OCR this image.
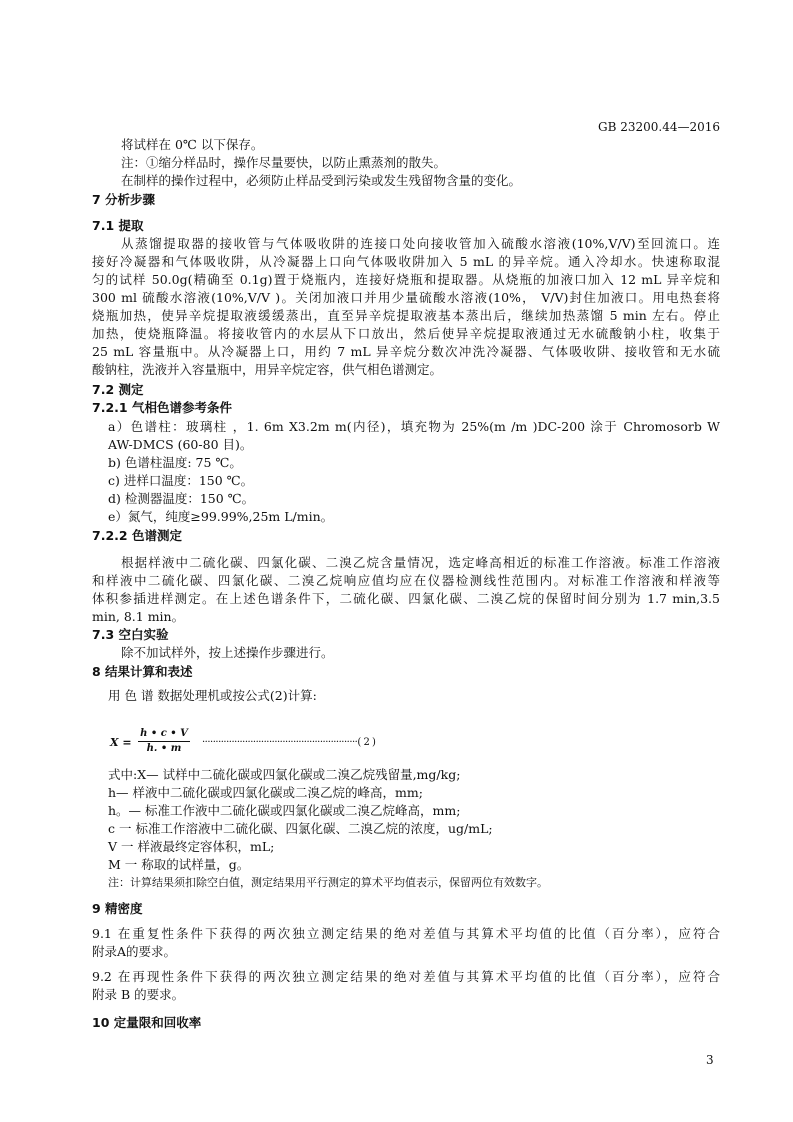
GB 23200.44—2016
将试样在 0℃ 以下保存。
注：①缩分样品时，操作尽量要快，以防止熏蒸剂的散失。
在制样的操作过程中，必须防止样品受到污染或发生残留物含量的变化。
7 分析步骤
7.1 提取
从蒸馏提取器的接收管与气体吸收阱的连接口处向接收管加入硫酸水溶液(10%,V/V)至回流口。连
接好冷凝器和气体吸收阱，从冷凝器上口向气体吸收阱加入 5 mL 的异辛烷。通入冷却水。快速称取混
匀的试样 50.0g(精确至 0.1g)置于烧瓶内，连接好烧瓶和提取器。从烧瓶的加液口加入 12 mL 异辛烷和
300 ml 硫酸水溶液(10%,V/V )。关闭加液口并用少量硫酸水溶液(10%， V/V)封住加液口。用电热套将
烧瓶加热，使异辛烷提取液缓缓蒸出，直至异辛烷提取液基本蒸出后，继续加热蒸馏 5 min 左右。停止
加热，使烧瓶降温。将接收管内的水层从下口放出，然后使异辛烷提取液通过无水硫酸钠小柱，收集于
25 mL 容量瓶中。从冷凝器上口，用约 7 mL 异辛烷分数次冲洗冷凝器、气体吸收阱、接收管和无水硫
酸钠柱，洗液并入容量瓶中，用异辛烷定容，供气相色谱测定。
7.2 测定
7.2.1 气相色谱参考条件
a）色谱柱：玻璃柱 ，1. 6m X3.2m m(内径)，填充物为 25%(m /m )DC-200 涂于 Chromosorb W
AW-DMCS (60-80 目)。
b) 色谱柱温度: 75 ℃。
c) 进样口温度：150 ℃。
d) 检测器温度：150 ℃。
e）氮气，纯度≥99.99%,25m L/min。
7.2.2 色谱测定
根据样液中二硫化碳、四氯化碳、二溴乙烷含量情况，选定峰高相近的标准工作溶液。标准工作溶液
和样液中二硫化碳、四氯化碳、二溴乙烷响应值均应在仪器检测线性范围内。对标准工作溶液和样液等
体积参插进样测定。在上述色谱条件下，二硫化碳、四氯化碳、二溴乙烷的保留时间分别为 1.7 min,3.5
min, 8.1 min。
7.3 空白实验
除不加试样外，按上述操作步骤进行。
8 结果计算和表述
用 色 谱 数据处理机或按公式(2)计算:
X =
h • c • V
h. • m
··························································( 2 )
式中:X— 试样中二硫化碳或四氯化碳或二溴乙烷残留量,mg/kg;
h— 样液中二硫化碳或四氯化碳或二溴乙烷的峰高，mm;
h。— 标准工作液中二硫化碳或四氯化碳或二溴乙烷峰高，mm;
c 一 标准工作溶液中二硫化碳、四氯化碳、二溴乙烷的浓度，ug/mL;
V 一 样液最终定容体积，mL;
M 一 称取的试样量，g。
注：计算结果须扣除空白值，测定结果用平行测定的算术平均值表示，保留两位有效数字。
9 精密度
9.1 在重复性条件下获得的两次独立测定结果的绝对差值与其算术平均值的比值（百分率），应符合
附录A的要求。
9.2 在再现性条件下获得的两次独立测定结果的绝对差值与其算术平均值的比值（百分率），应符合
附录 B 的要求。
10 定量限和回收率
3
